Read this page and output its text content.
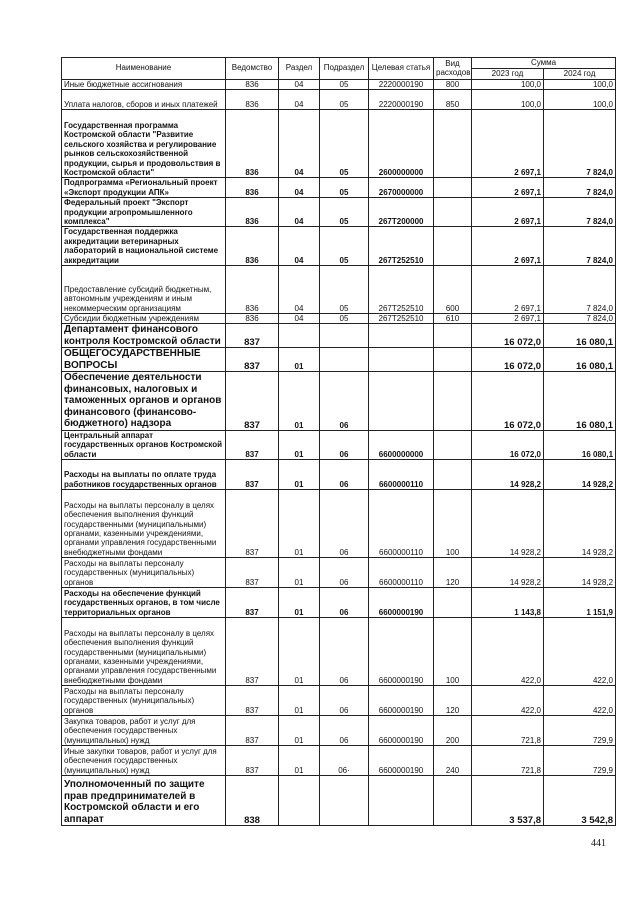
Наименование	Ведомство	Раздел	Подраздел	Целевая статья	Вид расходов	Сумма	
						2023 год	2024 год
Иные бюджетные ассигнования	836	04	05	2220000190	800	100,0	100,0
Уплата налогов, сборов и иных платежей	836	04	05	2220000190	850	100,0	100,0
Государственная программа Костромской области "Развитие сельского хозяйства и регулирование рынков сельскохозяйственной продукции, сырья и продовольствия в Костромской области"	836	04	05	2600000000		2 697,1	7 824,0
Подпрограмма «Региональный проект «Экспорт продукции АПК»	836	04	05	2670000000		2 697,1	7 824,0
Федеральный проект "Экспорт продукции агропромышленного комплекса"	836	04	05	267Т200000		2 697,1	7 824,0
Государственная поддержка аккредитации ветеринарных лабораторий в национальной системе аккредитации	836	04	05	267Т252510		2 697,1	7 824,0
Предоставление субсидий бюджетным, автономным учреждениям и иным некоммерческим организациям	836	04	05	267Т252510	600	2 697,1	7 824,0
Субсидии бюджетным учреждениям	836	04	05	267Т252510	610	2 697,1	7 824,0
Департамент финансового контроля Костромской области	837					16 072,0	16 080,1
ОБЩЕГОСУДАРСТВЕННЫЕ ВОПРОСЫ	837	01				16 072,0	16 080,1
Обеспечение деятельности финансовых, налоговых и таможенных органов и органов финансового (финансово-бюджетного) надзора	837	01	06			16 072,0	16 080,1
Центральный аппарат государственных органов Костромской области	837	01	06	6600000000		16 072,0	16 080,1
Расходы на выплаты по оплате труда работников государственных органов	837	01	06	6600000110		14 928,2	14 928,2
Расходы на выплаты персоналу в целях обеспечения выполнения функций государственными (муниципальными) органами, казенными учреждениями, органами управления государственными внебюджетными фондами	837	01	06	6600000110	100	14 928,2	14 928,2
Расходы на выплаты персоналу государственных (муниципальных) органов	837	01	06	6600000110	120	14 928,2	14 928,2
Расходы на обеспечение функций государственных органов, в том числе территориальных органов	837	01	06	6600000190		1 143,8	1 151,9
Расходы на выплаты персоналу в целях обеспечения выполнения функций государственными (муниципальными) органами, казенными учреждениями, органами управления государственными внебюджетными фондами	837	01	06	6600000190	100	422,0	422,0
Расходы на выплаты персоналу государственных (муниципальных) органов	837	01	06	6600000190	120	422,0	422,0
Закупка товаров, работ и услуг для обеспечения государственных (муниципальных) нужд	837	01	06	6600000190	200	721,8	729,9
Иные закупки товаров, работ и услуг для обеспечения государственных (муниципальных) нужд	837	01	06·	6600000190	240	721,8	729,9
Уполномоченный по защите прав предпринимателей в Костромской области и его аппарат	838					3 537,8	3 542,8
441
